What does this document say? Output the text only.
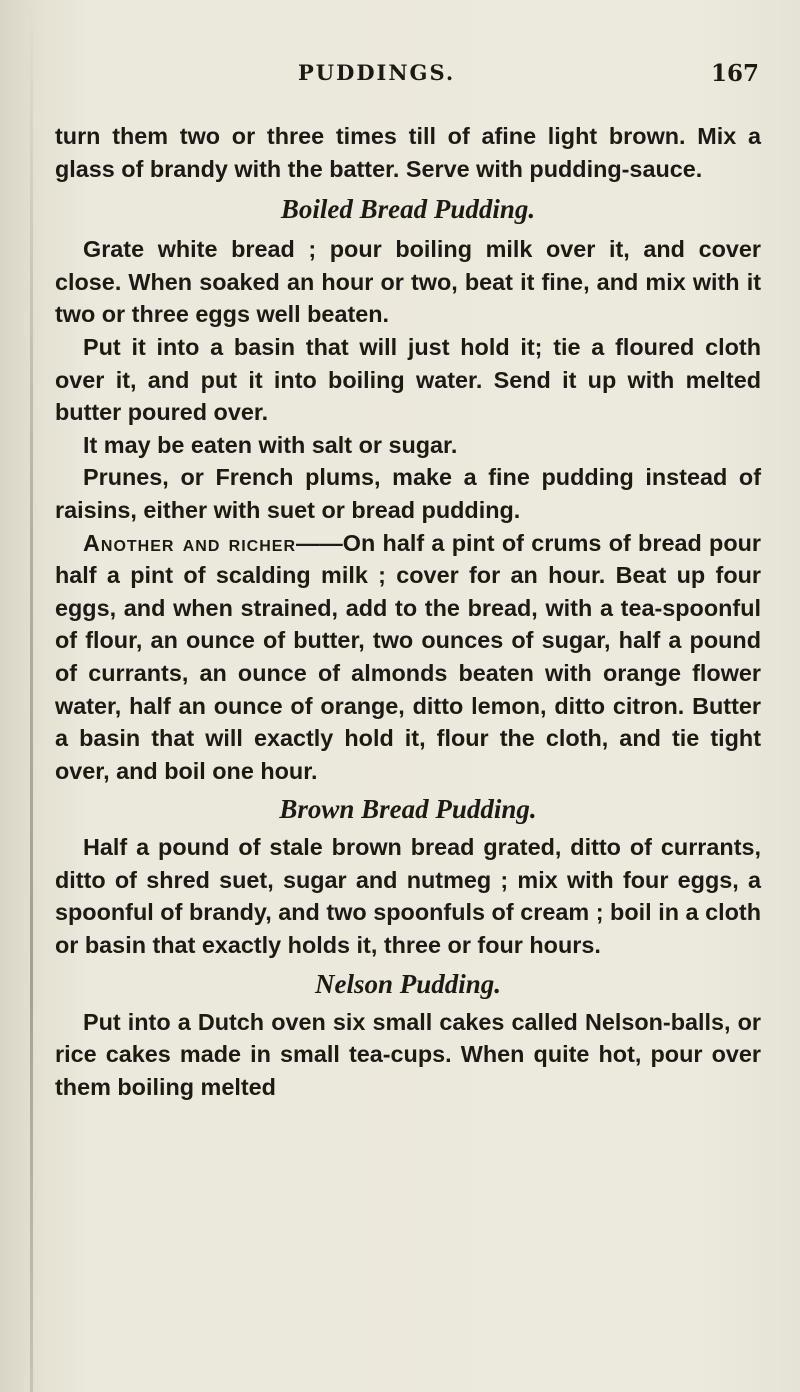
PUDDINGS.	167

turn them two or three times till of afine light brown. Mix a glass of brandy with the batter. Serve with pudding-sauce.

Boiled Bread Pudding.

Grate white bread ; pour boiling milk over it, and cover close. When soaked an hour or two, beat it fine, and mix with it two or three eggs well beaten.

Put it into a basin that will just hold it; tie a floured cloth over it, and put it into boiling water. Send it up with melted butter poured over.

It may be eaten with salt or sugar.

Prunes, or French plums, make a fine pudding instead of raisins, either with suet or bread pudding.

Another and richer——On half a pint of crums of bread pour half a pint of scalding milk ; cover for an hour. Beat up four eggs, and when strained, add to the bread, with a tea-spoonful of flour, an ounce of butter, two ounces of sugar, half a pound of currants, an ounce of almonds beaten with orange flower water, half an ounce of orange, ditto lemon, ditto citron. Butter a basin that will exactly hold it, flour the cloth, and tie tight over, and boil one hour.

Brown Bread Pudding.

Half a pound of stale brown bread grated, ditto of currants, ditto of shred suet, sugar and nutmeg ; mix with four eggs, a spoonful of brandy, and two spoonfuls of cream ; boil in a cloth or basin that exactly holds it, three or four hours.

Nelson Pudding.

Put into a Dutch oven six small cakes called Nelson-balls, or rice cakes made in small tea-cups. When quite hot, pour over them boiling melted
